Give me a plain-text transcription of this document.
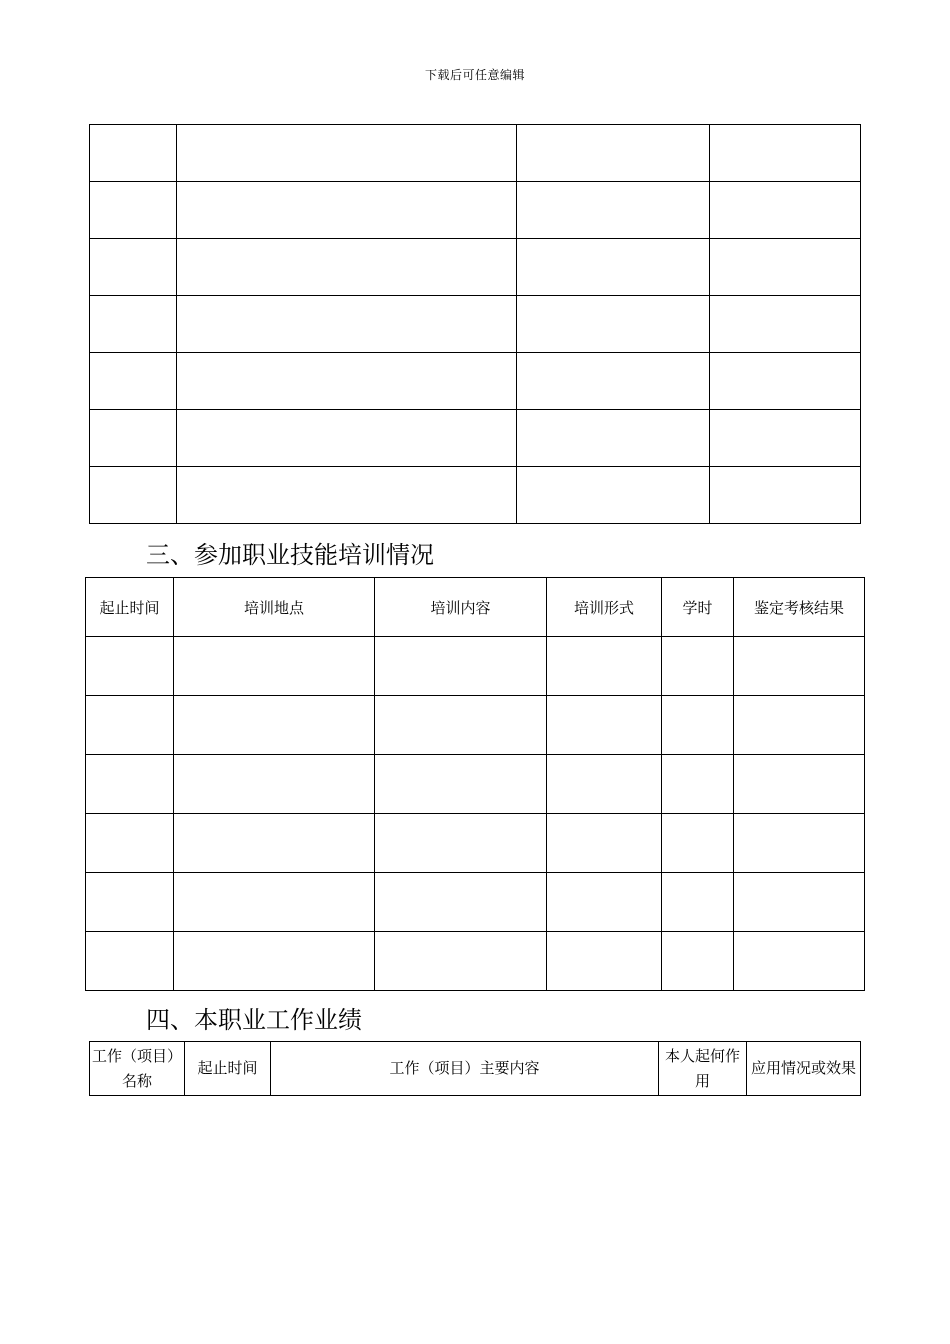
下载后可任意编辑

三、参加职业技能培训情况
起止时间	培训地点	培训内容	培训形式	学时	鉴定考核结果

四、本职业工作业绩
工作（项目）名称	起止时间	工作（项目）主要内容	本人起何作用	应用情况或效果
